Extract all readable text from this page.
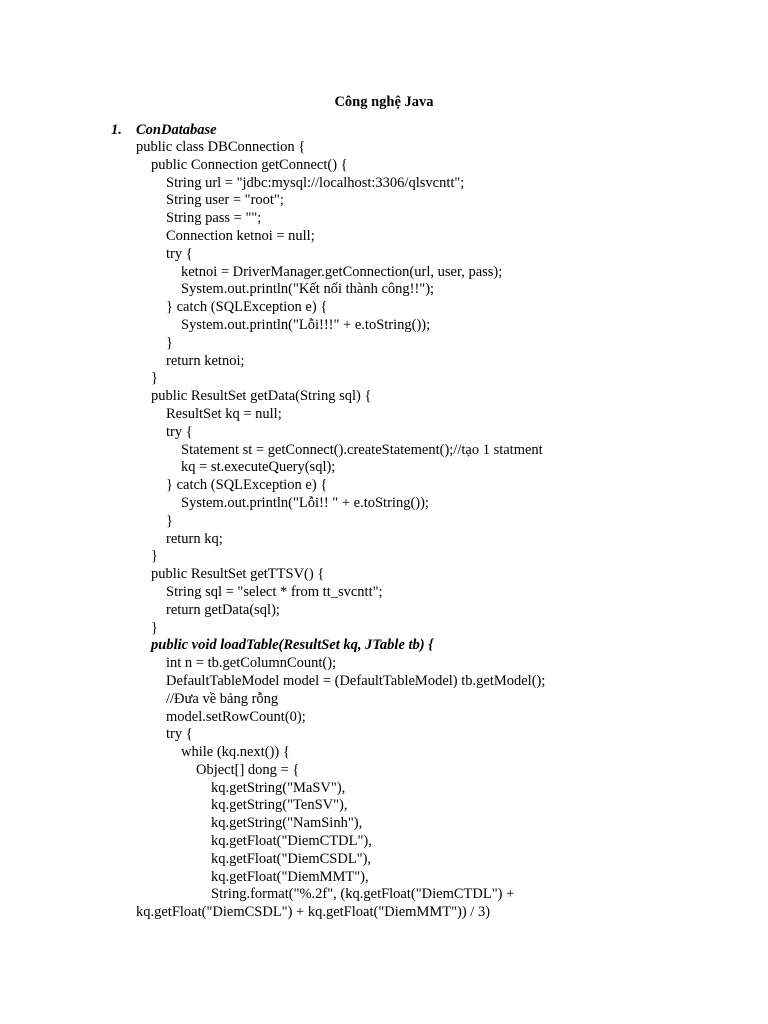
Công nghệ Java
1. ConDatabase
public class DBConnection {
public Connection getConnect() {
String url = "jdbc:mysql://localhost:3306/qlsvcntt";
String user = "root";
String pass = "";
Connection ketnoi = null;
try {
ketnoi = DriverManager.getConnection(url, user, pass);
System.out.println("Kết nối thành công!!");
} catch (SQLException e) {
System.out.println("Lỗi!!!" + e.toString());
}
return ketnoi;
}
public ResultSet getData(String sql) {
ResultSet kq = null;
try {
Statement st = getConnect().createStatement();//tạo 1 statment
kq = st.executeQuery(sql);
} catch (SQLException e) {
System.out.println("Lỗi!! " + e.toString());
}
return kq;
}
public ResultSet getTTSV() {
String sql = "select * from tt_svcntt";
return getData(sql);
}
public void loadTable(ResultSet kq, JTable tb) {
int n = tb.getColumnCount();
DefaultTableModel model = (DefaultTableModel) tb.getModel();
//Đưa về bảng rỗng
model.setRowCount(0);
try {
while (kq.next()) {
Object[] dong = {
kq.getString("MaSV"),
kq.getString("TenSV"),
kq.getString("NamSinh"),
kq.getFloat("DiemCTDL"),
kq.getFloat("DiemCSDL"),
kq.getFloat("DiemMMT"),
String.format("%.2f", (kq.getFloat("DiemCTDL") +
kq.getFloat("DiemCSDL") + kq.getFloat("DiemMMT")) / 3)
